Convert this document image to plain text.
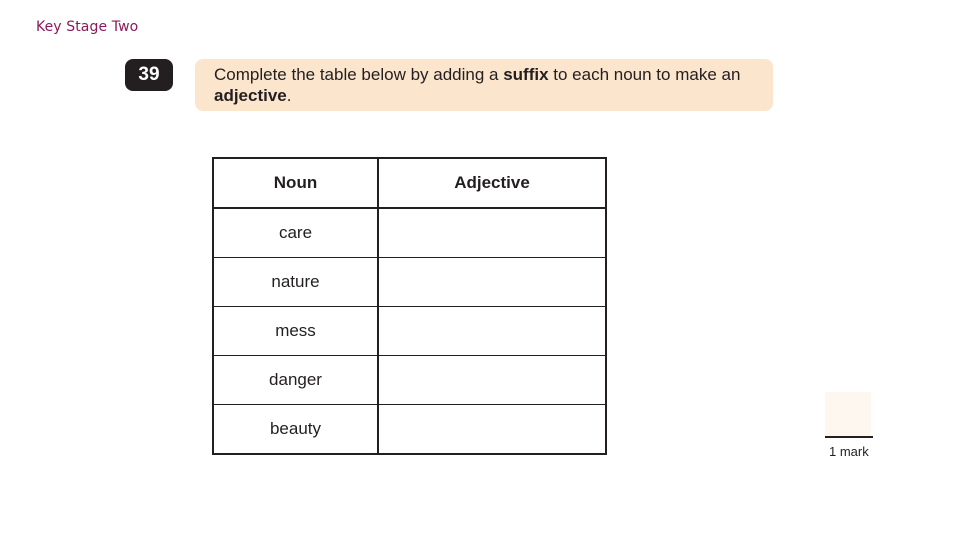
Key Stage Two
39	Complete the table below by adding a suffix to each noun to make an adjective.
Noun	Adjective
care	
nature	
mess	
danger	
beauty	
1 mark
